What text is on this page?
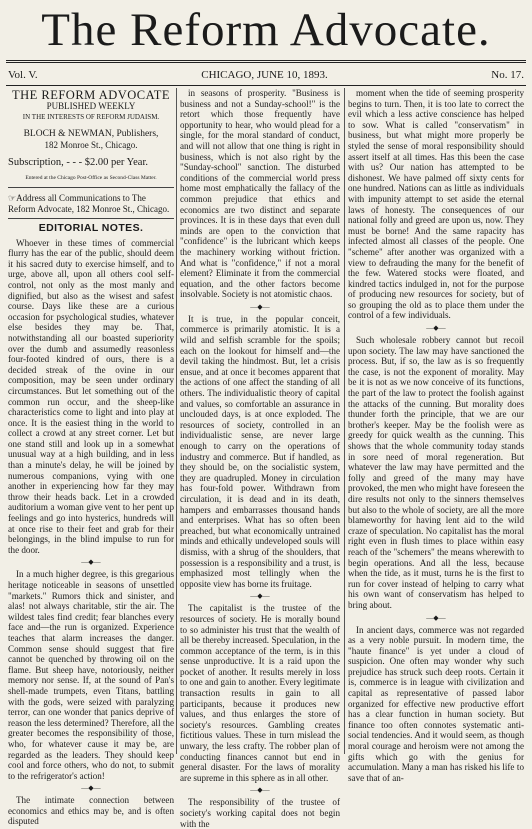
The Reform Advocate.
Vol. V.	CHICAGO, JUNE 10, 1893.	No. 17.
THE REFORM ADVOCATE
PUBLISHED WEEKLY
IN THE INTERESTS OF REFORM JUDAISM.
BLOCH & NEWMAN, Publishers,
182 Monroe St., Chicago.
Subscription, - - - $2.00 per Year.
Entered at the Chicago Post-Office as Second-Class Matter.
☞Address all Communications to The Reform Advocate, 182 Monroe St., Chicago.
EDITORIAL NOTES.

Whoever in these times of commercial flurry has the ear of the public, should deem it his sacred duty to exercise himself, and to urge, above all, upon all others cool self-control, not only as the most manly and dignified, but also as the wisest and safest course. Days like these are a curious occasion for psychological studies, whatever else besides they may be. That, notwithstanding all our boasted superiority over the dumb and assumedly reasonless four-footed kindred of ours, there is a decided streak of the ovine in our composition, may be seen under ordinary circumstances. But let something out of the common run occur, and the sheep-like characteristics come to light and into play at once. It is the easiest thing in the world to collect a crowd at any street corner. Let but one stand still and look up in a somewhat unusual way at a high building, and in less than a minute's delay, he will be joined by numerous companions, vying with one another in experiencing how far they may throw their heads back. Let in a crowded auditorium a woman give vent to her pent up feelings and go into hysterics, hundreds will at once rise to their feet and grab for their belongings, in the blind impulse to run for the door.

—◆—

In a much higher degree, is this gregarious heritage noticeable in seasons of unsettled "markets." Rumors thick and sinister, and alas! not always charitable, stir the air. The wildest tales find credit; fear blanches every face and—the run is organized. Experience teaches that alarm increases the danger. Common sense should suggest that fire cannot be quenched by throwing oil on the flame. But sheep have, notoriously, neither memory nor sense. If, at the sound of Pan's shell-made trumpets, even Titans, battling with the gods, were seized with paralyzing terror, can one wonder that panics deprive of reason the less determined? Therefore, all the greater becomes the responsibility of those, who, for whatever cause it may be, are regarded as the leaders. They should keep cool and force others, who do not, to submit to the refrigerator's action!

—◆—

The intimate connection between economics and ethics may be, and is often disputed

in seasons of prosperity. "Business is business and not a Sunday-school!" is the retort which those frequently have opportunity to hear, who would plead for a single, for the moral standard of conduct, and will not allow that one thing is right in business, which is not also right by the "Sunday-school" sanction. The disturbed conditions of the commercial world press home most emphatically the fallacy of the common prejudice that ethics and economics are two distinct and separate provinces. It is in these days that even dull minds are open to the conviction that "confidence" is the lubricant which keeps the machinery working without friction. And what is "confidence," if not a moral element? Eliminate it from the commercial equation, and the other factors become insolvable. Society is not atomistic chaos.

—◆—

It is true, in the popular conceit, commerce is primarily atomistic. It is a wild and selfish scramble for the spoils; each on the lookout for himself and—the devil taking the hindmost. But, let a crisis ensue, and at once it becomes apparent that the actions of one affect the standing of all others. The individualistic theory of capital and values, so comfortable an assurance in unclouded days, is at once exploded. The resources of society, controlled in an individualistic sense, are never large enough to carry on the operations of industry and commerce. But if handled, as they should be, on the socialistic system, they are quadrupled. Money in circulation has four-fold power. Withdrawn from circulation, it is dead and in its death, hampers and embarrasses thousand hands and enterprises. What has so often been preached, but what economically untrained minds and ethically undeveloped souls will dismiss, with a shrug of the shoulders, that possession is a responsibility and a trust, is emphasized most tellingly when the opposite view has borne its fruitage.

—◆—

The capitalist is the trustee of the resources of society. He is morally bound to so administer his trust that the wealth of all be thereby increased. Speculation, in the common acceptance of the term, is in this sense unproductive. It is a raid upon the pocket of another. It results merely in loss to one and gain to another. Every legitimate transaction results in gain to all participants, because it produces new values, and thus enlarges the store of society's resources. Gambling creates fictitious values. These in turn mislead the unwary, the less crafty. The robber plan of conducting finances cannot but end in general disaster. For the laws of morality are supreme in this sphere as in all other.

—◆—

The responsibility of the trustee of society's working capital does not begin with the

moment when the tide of seeming prosperity begins to turn. Then, it is too late to correct the evil which a less active conscience has helped to sow. What is called "conservatism" in business, but what might more properly be styled the sense of moral responsibility should assert itself at all times. Has this been the case with us? Our nation has attempted to be dishonest. We have palmed off sixty cents for one hundred. Nations can as little as individuals with impunity attempt to set aside the eternal laws of honesty. The consequences of our national folly and greed are upon us, now. They must be borne! And the same rapacity has infected almost all classes of the people. One "scheme" after another was organized with a view to defrauding the many for the benefit of the few. Watered stocks were floated, and kindred tactics indulged in, not for the purpose of producing new resources for society, but of so grouping the old as to place them under the control of a few individuals.

—◆—

Such wholesale robbery cannot but recoil upon society. The law may have sanctioned the process. But, if so, the law as is so frequently the case, is not the exponent of morality. May be it is not as we now conceive of its functions, the part of the law to protect the foolish against the attacks of the cunning. But morality does thunder forth the principle, that we are our brother's keeper. May be the foolish were as greedy for quick wealth as the cunning. This shows that the whole community today stands in sore need of moral regeneration. But whatever the law may have permitted and the folly and greed of the many may have provoked, the men who might have foreseen the dire results not only to the sinners themselves but also to the whole of society, are all the more blameworthy for having lent aid to the wild craze of speculation. No capitalist has the moral right even in flush times to place within easy reach of the "schemers" the means wherewith to begin operations. And all the less, because when the tide, as it must, turns he is the first to run for cover instead of helping to carry what his own want of conservatism has helped to bring about.

—◆—

In ancient days, commerce was not regarded as a very noble pursuit. In modern time, the "haute finance" is yet under a cloud of suspicion. One often may wonder why such prejudice has struck such deep roots. Certain it is, commerce is in league with civilization and capital as representative of passed labor organized for effective new productive effort has a clear function in human society. But finance too often connotes systematic anti-social tendencies. And it would seem, as though moral courage and heroism were not among the gifts which go with the genius for accumulation. Many a man has risked his life to save that of an-
